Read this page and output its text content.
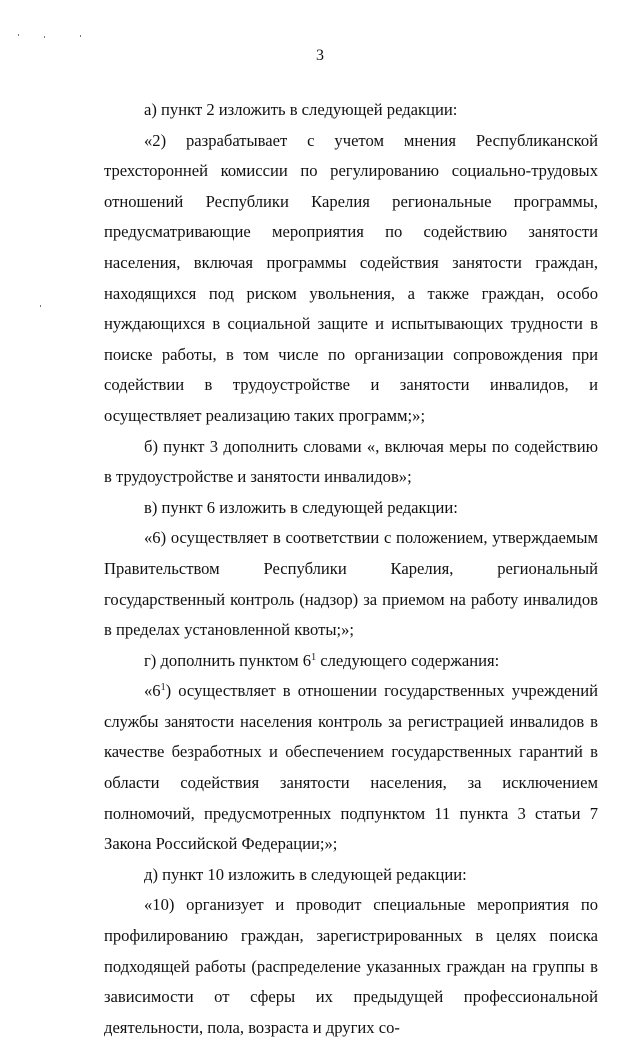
3

а) пункт 2 изложить в следующей редакции:

«2) разрабатывает с учетом мнения Республиканской трехсторонней комиссии по регулированию социально-трудовых отношений Республики Карелия региональные программы, предусматривающие мероприятия по содействию занятости населения, включая программы содействия занятости граждан, находящихся под риском увольнения, а также граждан, особо нуждающихся в социальной защите и испытывающих трудности в поиске работы, в том числе по организации сопровождения при содействии в трудоустройстве и занятости инвалидов, и осуществляет реализацию таких программ;»;

б) пункт 3 дополнить словами «, включая меры по содействию в трудоустройстве и занятости инвалидов»;

в) пункт 6 изложить в следующей редакции:

«6) осуществляет в соответствии с положением, утверждаемым Правительством Республики Карелия, региональный государственный контроль (надзор) за приемом на работу инвалидов в пределах установленной квоты;»;

г) дополнить пунктом $6^1$ следующего содержания:

«$6^1$) осуществляет в отношении государственных учреждений службы занятости населения контроль за регистрацией инвалидов в качестве безработных и обеспечением государственных гарантий в области содействия занятости населения, за исключением полномочий, предусмотренных подпунктом 11 пункта 3 статьи 7 Закона Российской Федерации;»;

д) пункт 10 изложить в следующей редакции:

«10) организует и проводит специальные мероприятия по профилированию граждан, зарегистрированных в целях поиска подходящей работы (распределение указанных граждан на группы в зависимости от сферы их предыдущей профессиональной деятельности, пола, возраста и других со-
